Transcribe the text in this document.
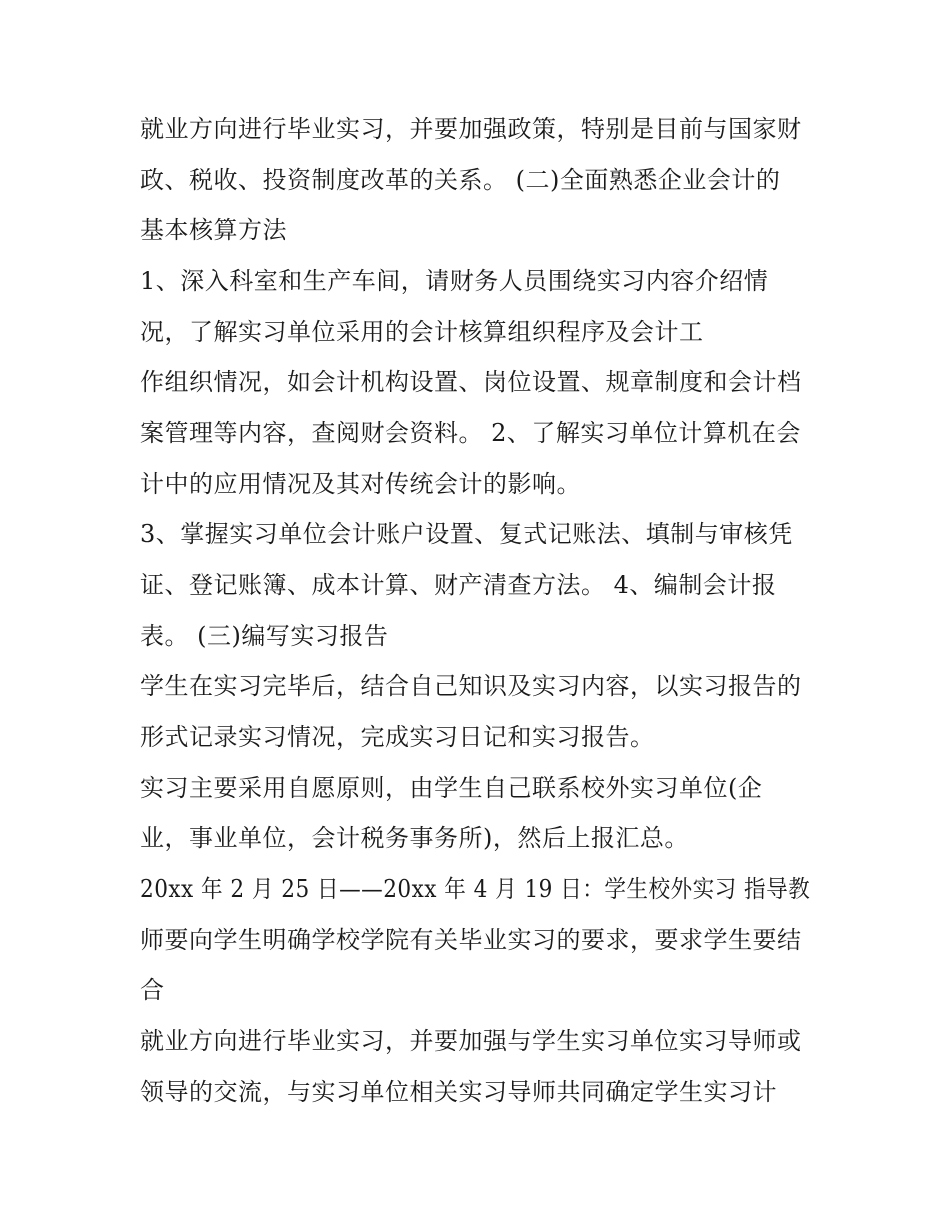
就业方向进行毕业实习，并要加强政策，特别是目前与国家财
政、税收、投资制度改革的关系。 (二)全面熟悉企业会计的
基本核算方法
1、深入科室和生产车间，请财务人员围绕实习内容介绍情
况，了解实习单位采用的会计核算组织程序及会计工
作组织情况，如会计机构设置、岗位设置、规章制度和会计档
案管理等内容，查阅财会资料。 2、了解实习单位计算机在会
计中的应用情况及其对传统会计的影响。
3、掌握实习单位会计账户设置、复式记账法、填制与审核凭
证、登记账簿、成本计算、财产清查方法。 4、编制会计报
表。 (三)编写实习报告
学生在实习完毕后，结合自己知识及实习内容，以实习报告的
形式记录实习情况，完成实习日记和实习报告。
实习主要采用自愿原则，由学生自己联系校外实习单位(企
业，事业单位，会计税务事务所)，然后上报汇总。
20xx 年 2 月 25 日——20xx 年 4 月 19 日：学生校外实习 指导教
师要向学生明确学校学院有关毕业实习的要求，要求学生要结
合
就业方向进行毕业实习，并要加强与学生实习单位实习导师或
领导的交流，与实习单位相关实习导师共同确定学生实习计
